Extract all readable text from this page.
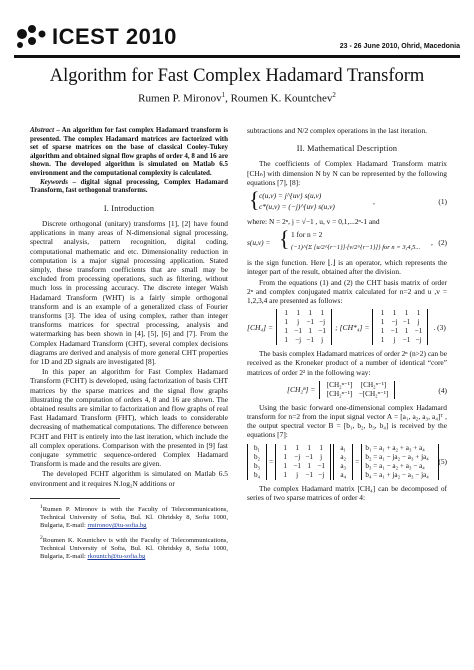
ICEST 2010	23 - 26 June 2010, Ohrid, Macedonia
Algorithm for Fast Complex Hadamard Transform
Rumen P. Mironov$^1$, Roumen K. Kountchev$^2$

Abstract – An algorithm for fast complex Hadamard transform is presented. The complex Hadamard matrices are factorized with set of sparse matrices on the base of classical Cooley-Tukey algorithm and obtained signal flow graphs of order 4, 8 and 16 are shown. The developed algorithm is simulated on Matlab 6.5 environment and the computational complexity is calculated.

Keywords – digital signal processing, Complex Hadamard Transform, fast orthogonal transforms.

I. Introduction

Discrete orthogonal (unitary) transforms [1], [2] have found applications in many areas of N-dimensional signal processing, spectral analysis, pattern recognition, digital coding, computational mathematic and etc. Dimensionality reduction in computation is a major signal processing application. Stated simply, these transform coefficients that are small may be excluded from processing operations, such as filtering, without much loss in processing accuracy. The discrete integer Walsh Hadamard Transform (WHT) is a fairly simple orthogonal transform and is an example of a generalized class of Fourier transforms [3]. The idea of using complex, rather than integer transforms matrices for spectral processing, analysis and watermarking has been shown in [4], [5], [6] and [7]. From the Complex Hadamard Transform (CHT), several complex decisions diagrams are derived and analysis of more general CHT properties for 1D and 2D signals are investigated [8].

In this paper an algorithm for Fast Complex Hadamard Transform (FCHT) is developed, using factorization of basis CHT matrices by the sparse matrices and the signal flow graphs illustrating the computation of orders 4, 8 and 16 are shown. The obtained results are similar to factorization and flow graphs of real Fast Hadamard Transform (FHT), which leads to considerable decreasing of mathematical computations. The difference between FCHT and FHT is entirely into the last iteration, which include the all complex operations. Comparison with the presented in [9] fast conjugate symmetric sequence-ordered Complex Hadamard Transform is made and the results are given.

The developed FCHT algorithm is simulated on Matlab 6.5 environment and it requires N.log₂N additions or

$^1$Rumen P. Mironov is with the Faculty of Telecommunications, Technical University of Sofia, Bul. Kl. Ohridsky 8, Sofia 1000, Bulgaria, E-mail: rmironov@tu-sofia.bg

$^2$Roumen K. Kountchev is with the Faculty of Telecommunications, Technical University of Sofia, Bul. Kl. Ohridsky 8, Sofia 1000, Bulgaria, E-mail: rkountch@tu-sofia.bg

subtractions and N/2 complex operations in the last iteration.

II. Mathematical Description

The coefficients of Complex Hadamard Transform matrix [CHₙ] with dimension N by N can be represented by the following equations [7], [8]:

{ c(u,v) = j^{uv} s(u,v)
c*(u,v) = (−j)^{uv} s(u,v)
,	(1)

where: N = 2ⁿ, j = √−1 , u, v = 0,1,...2ⁿ-1 and

s(u,v) = { 1 for n = 2
(−1)^{Σ [u/2^{r−1}]·[v/2^{r−1}]} for n = 3,4,5...
, (2)

is the sign function. Here ⌊.⌋ is an operator, which represents the integer part of the result, obtained after the division.

From the equations (1) and (2) the CHT basis matrix of order 2ⁿ and complex conjugated matrix calculated for n=2 and u ,v = 1,2,3,4 are presented as follows:

[CH₄] =
1	1	1	1
1	j −1 −j
1 −1 1 −1
1 −j −1 j
; [CH*₄] =
1	1	1	1
1 −j −1 j
1 −1 1 −1
1	j −1 −j
. (3)

The basis complex Hadamard matrices of order 2ⁿ (n>2) can be received as the Kroneker product of a number of identical “core” matrices of order 2² in the following way:

[CH₂ⁿ] =
[CH₂ⁿ⁻¹]	[CH₂ⁿ⁻¹]
[CH₂ⁿ⁻¹] −[CH₂ⁿ⁻¹]	(4)

Using the basic forward one-dimensional complex Hadamard transform for n=2 from the input signal vector A = [a₁, a₂, a₃, a₄]ᵀ , the output spectral vector B = [b₁, b₂, b₃, b₄] is received by the equations [7]:

b₁
b₂
b₃
b₄
=
1	1	1	1
1 −j −1 j
1 −1 1 −1
1	j −1 −j
a₁
a₂
a₃
a₄
=
b₁ = a₁ + a₂ + a₃ + a₄
b₂ = a₁ − ja₂ − a₃ + ja₄
b₃ = a₁ − a₂ + a₃ − a₄
b₄ = a₁ + ja₂ − a₃ − ja₄
(5)

The complex Hadamard matrix [CH₄] can be decomposed of series of two sparse matrices of order 4:
